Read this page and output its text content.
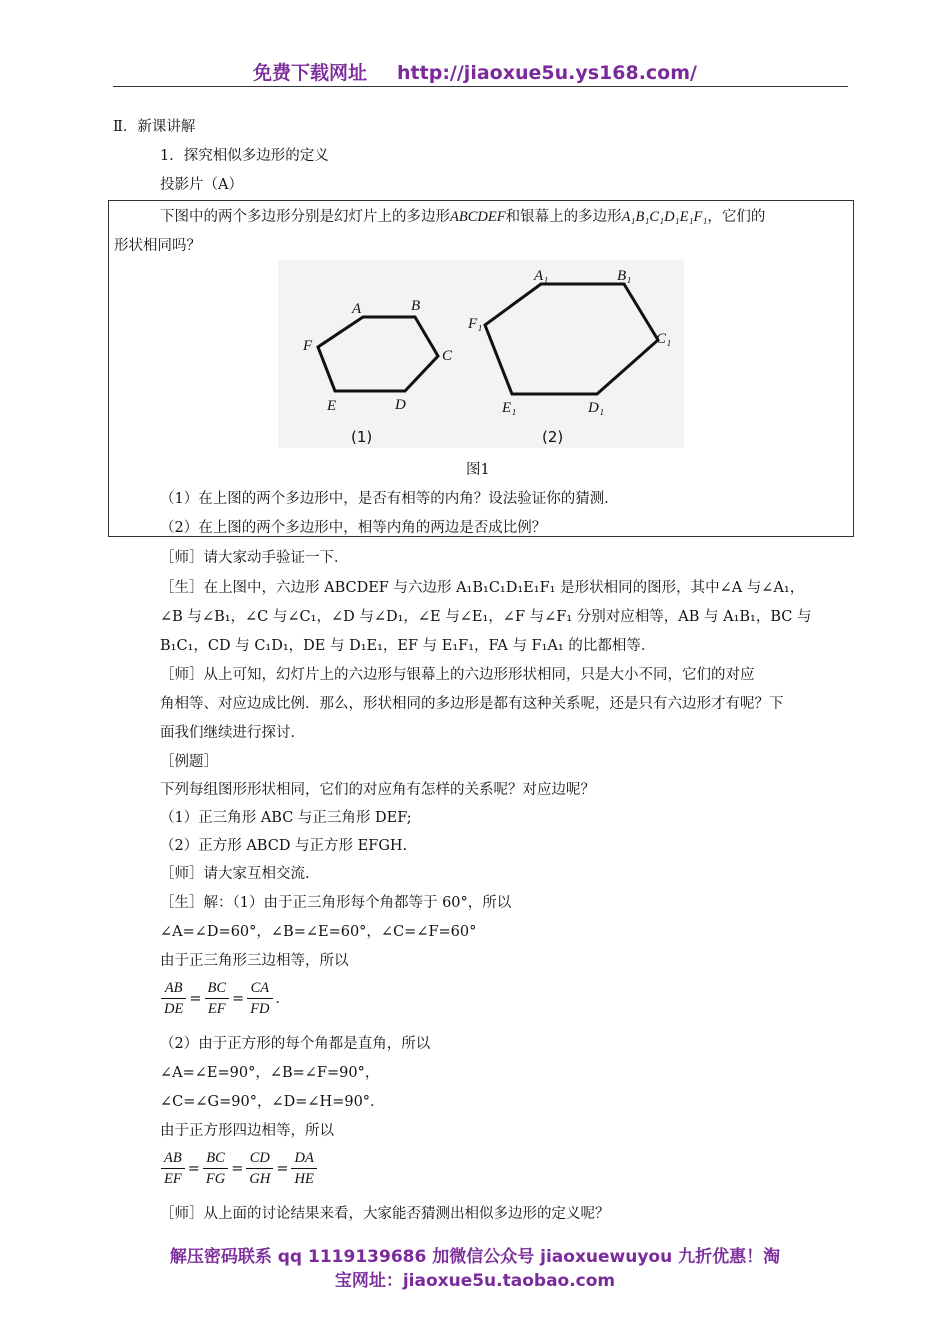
免费下载网址 http://jiaoxue5u.ys168.com/
Ⅱ．新课讲解
1．探究相似多边形的定义
投影片（A）
下图中的两个多边形分别是幻灯片上的多边形ABCDEF和银幕上的多边形A₁B₁C₁D₁E₁F₁，它们的
形状相同吗？
A	B
C
D
E
F
A₁	B₁
C₁
D₁
E₁
F₁
(1)	(2)
图1
（1）在上图的两个多边形中，是否有相等的内角？设法验证你的猜测．
（2）在上图的两个多边形中，相等内角的两边是否成比例？
［师］请大家动手验证一下．
［生］在上图中，六边形 ABCDEF 与六边形 A₁B₁C₁D₁E₁F₁ 是形状相同的图形，其中∠A 与∠A₁，
∠B 与∠B₁，∠C 与∠C₁，∠D 与∠D₁，∠E 与∠E₁，∠F 与∠F₁ 分别对应相等，AB 与 A₁B₁，BC 与
B₁C₁，CD 与 C₁D₁，DE 与 D₁E₁，EF 与 E₁F₁，FA 与 F₁A₁ 的比都相等．
［师］从上可知，幻灯片上的六边形与银幕上的六边形形状相同，只是大小不同，它们的对应
角相等、对应边成比例．那么，形状相同的多边形是都有这种关系呢，还是只有六边形才有呢？下
面我们继续进行探讨．
［例题］
下列每组图形形状相同，它们的对应角有怎样的关系呢？对应边呢？
（1）正三角形 ABC 与正三角形 DEF;
（2）正方形 ABCD 与正方形 EFGH.
［师］请大家互相交流．
［生］解：（1）由于正三角形每个角都等于 60°，所以
∠A=∠D=60°，∠B=∠E=60°，∠C=∠F=60°
由于正三角形三边相等，所以
$\frac{AB}{DE} = \frac{BC}{EF} = \frac{CA}{FD}$ ．
（2）由于正方形的每个角都是直角，所以
∠A=∠E=90°，∠B=∠F=90°，
∠C=∠G=90°，∠D=∠H=90°．
由于正方形四边相等，所以
$\frac{AB}{EF} = \frac{BC}{FG} = \frac{CD}{GH} = \frac{DA}{HE}$
［师］从上面的讨论结果来看，大家能否猜测出相似多边形的定义呢？
解压密码联系 qq 1119139686 加微信公众号 jiaoxuewuyou 九折优惠！淘
宝网址：jiaoxue5u.taobao.com
